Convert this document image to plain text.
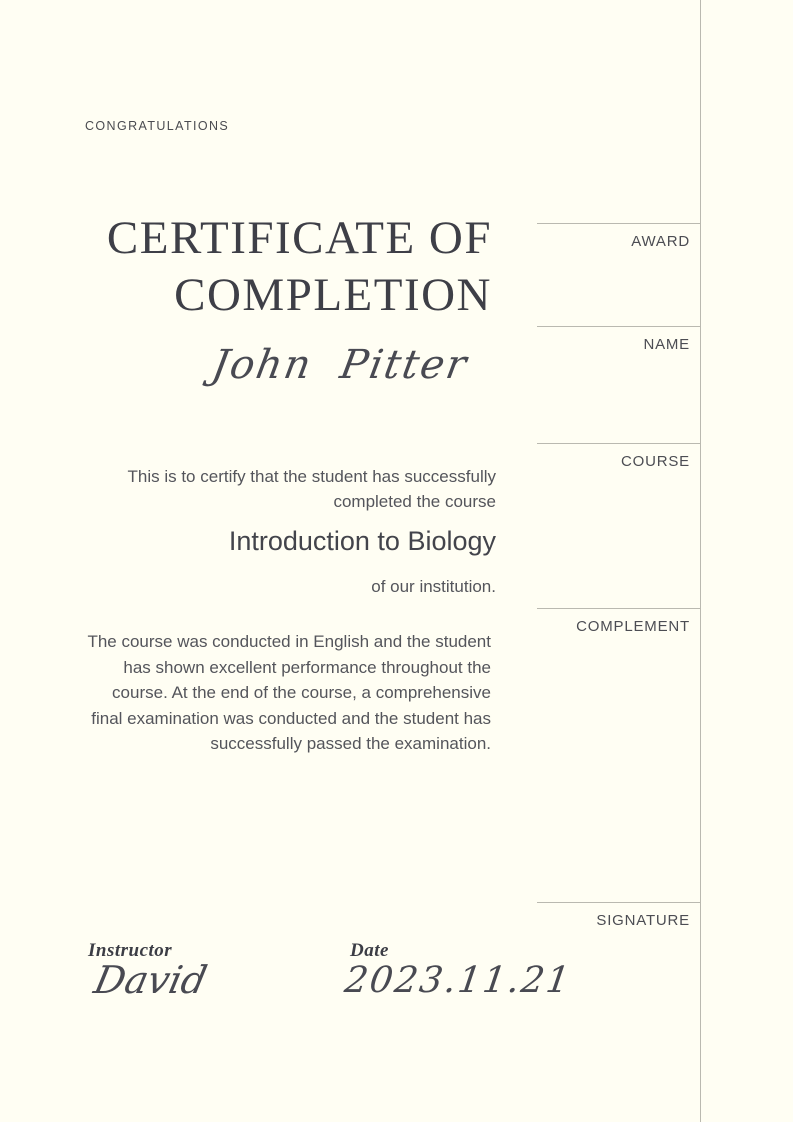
CONGRATULATIONS
CERTIFICATE OF
COMPLETION
John Pitter

This is to certify that the student has successfully completed the course

Introduction to Biology

of our institution.

The course was conducted in English and the student has shown excellent performance throughout the course. At the end of the course, a comprehensive final examination was conducted and the student has successfully passed the examination.
AWARD
NAME
COURSE
COMPLEMENT
SIGNATURE
Instructor
David
Date
2023.11.21
